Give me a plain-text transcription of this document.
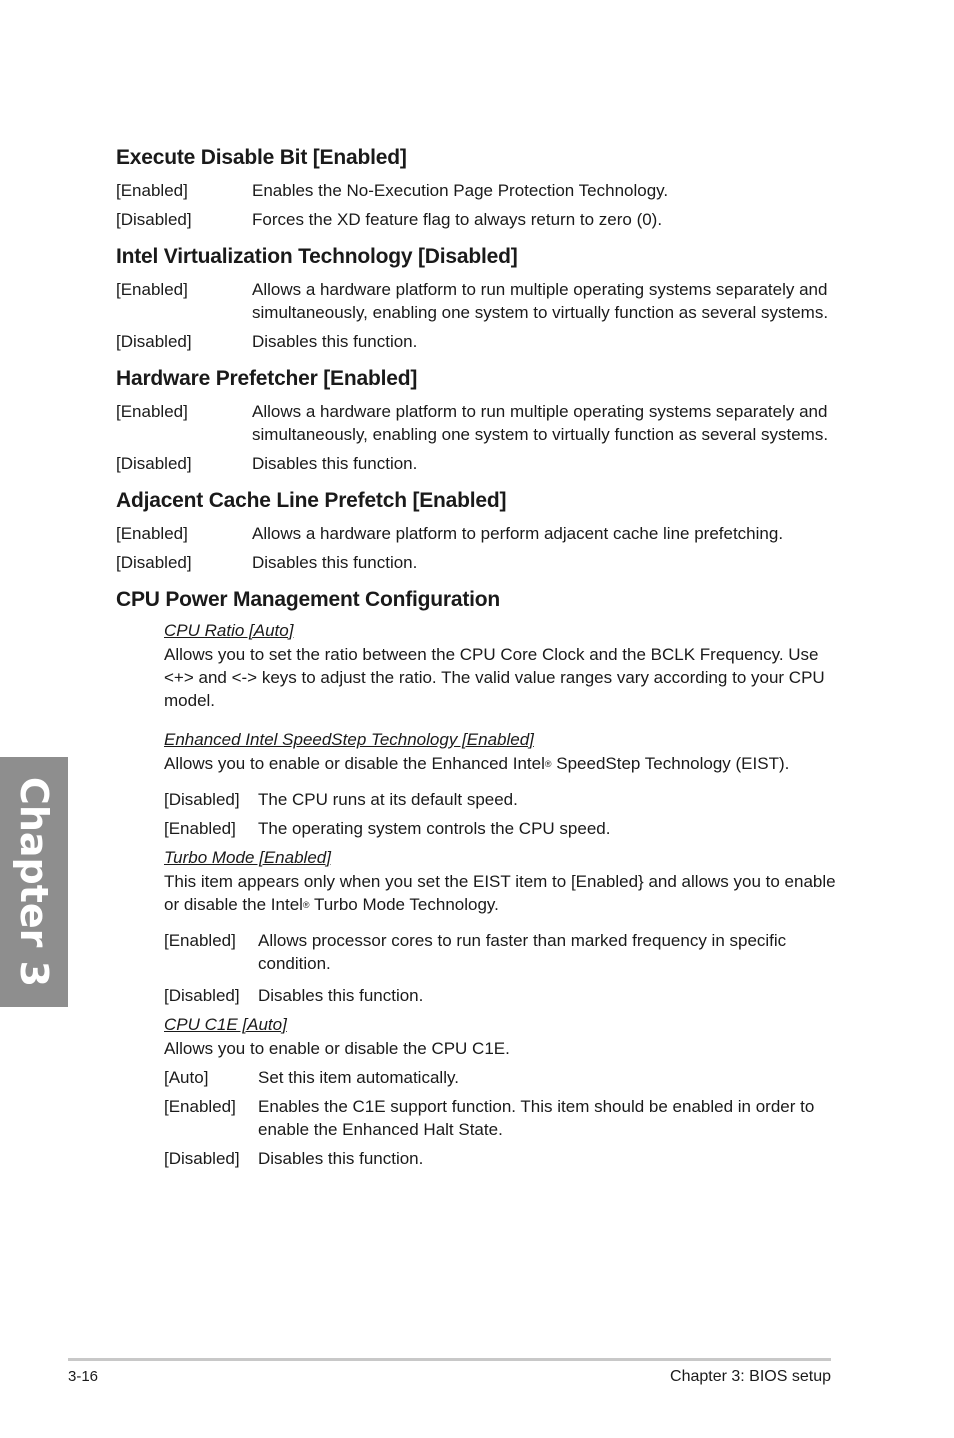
Execute Disable Bit [Enabled]
[Enabled]	Enables the No-Execution Page Protection Technology.
[Disabled]	Forces the XD feature flag to always return to zero (0).
Intel Virtualization Technology [Disabled]
[Enabled]	Allows a hardware platform to run multiple operating systems separately and simultaneously, enabling one system to virtually function as several systems.
[Disabled]	Disables this function.
Hardware Prefetcher [Enabled]
[Enabled]	Allows a hardware platform to run multiple operating systems separately and simultaneously, enabling one system to virtually function as several systems.
[Disabled]	Disables this function.
Adjacent Cache Line Prefetch [Enabled]
[Enabled]	Allows a hardware platform to perform adjacent cache line prefetching.
[Disabled]	Disables this function.
CPU Power Management Configuration
CPU Ratio [Auto]
Allows you to set the ratio between the CPU Core Clock and the BCLK Frequency. Use <+> and <-> keys to adjust the ratio. The valid value ranges vary according to your CPU model.
Enhanced Intel SpeedStep Technology [Enabled]
Allows you to enable or disable the Enhanced Intel® SpeedStep Technology (EIST).
[Disabled]	The CPU runs at its default speed.
[Enabled]	The operating system controls the CPU speed.
Turbo Mode [Enabled]
This item appears only when you set the EIST item to [Enabled} and allows you to enable or disable the Intel® Turbo Mode Technology.
[Enabled]	Allows processor cores to run faster than marked frequency in specific condition.
[Disabled]	Disables this function.
CPU C1E [Auto]
Allows you to enable or disable the CPU C1E.
[Auto]	Set this item automatically.
[Enabled]	Enables the C1E support function. This item should be enabled in order to enable the Enhanced Halt State.
[Disabled]	Disables this function.
Chapter 3
3-16	Chapter 3: BIOS setup
